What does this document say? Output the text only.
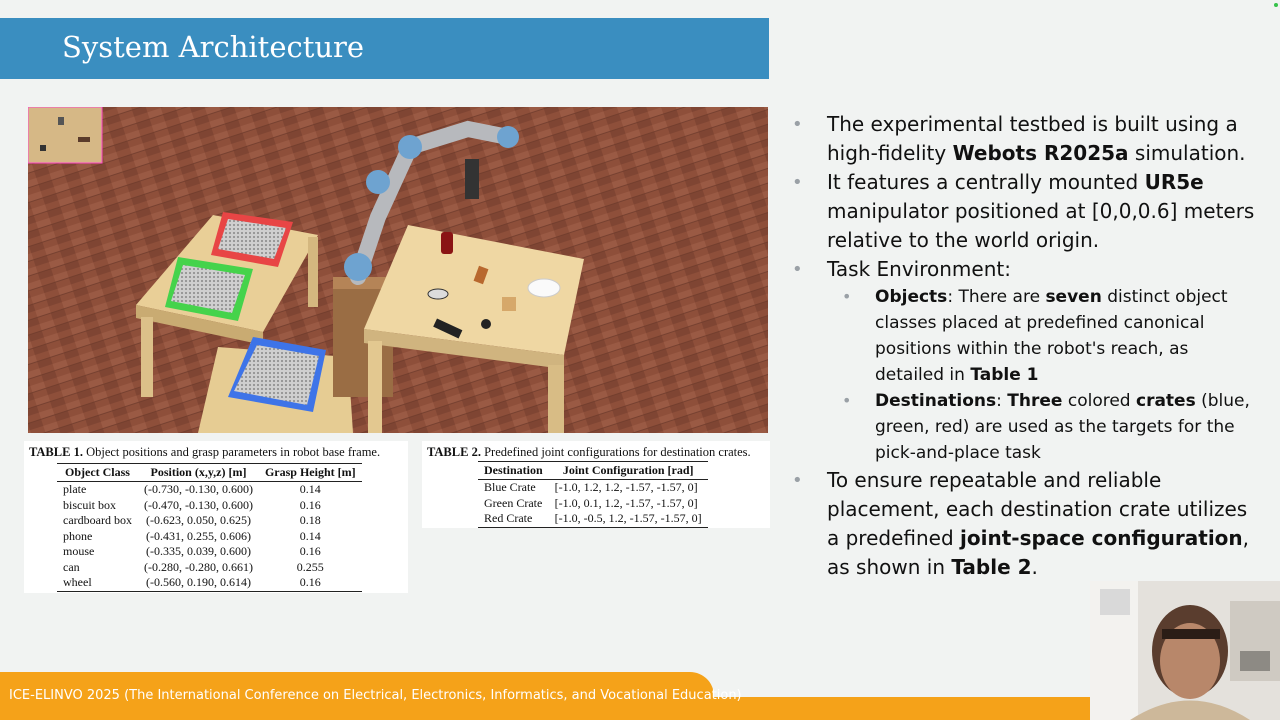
System Architecture
TABLE 1. Object positions and grasp parameters in robot base frame.
Object Class	Position (x,y,z) [m]	Grasp Height [m]
plate	(-0.730, -0.130, 0.600)	0.14
biscuit box	(-0.470, -0.130, 0.600)	0.16
cardboard box	(-0.623, 0.050, 0.625)	0.18
phone	(-0.431, 0.255, 0.606)	0.14
mouse	(-0.335, 0.039, 0.600)	0.16
can	(-0.280, -0.280, 0.661)	0.255
wheel	(-0.560, 0.190, 0.614)	0.16
TABLE 2. Predefined joint configurations for destination crates.
Destination	Joint Configuration [rad]
Blue Crate	[-1.0, 1.2, 1.2, -1.57, -1.57, 0]
Green Crate	[-1.0, 0.1, 1.2, -1.57, -1.57, 0]
Red Crate	[-1.0, -0.5, 1.2, -1.57, -1.57, 0]
• The experimental testbed is built using a high-fidelity Webots R2025a simulation.
• It features a centrally mounted UR5e manipulator positioned at [0,0,0.6] meters relative to the world origin.
• Task Environment:
• Objects: There are seven distinct object classes placed at predefined canonical positions within the robot's reach, as detailed in Table 1
• Destinations: Three colored crates (blue, green, red) are used as the targets for the pick-and-place task
• To ensure repeatable and reliable placement, each destination crate utilizes a predefined joint-space configuration, as shown in Table 2.
ICE-ELINVO 2025 (The International Conference on Electrical, Electronics, Informatics, and Vocational Education)
